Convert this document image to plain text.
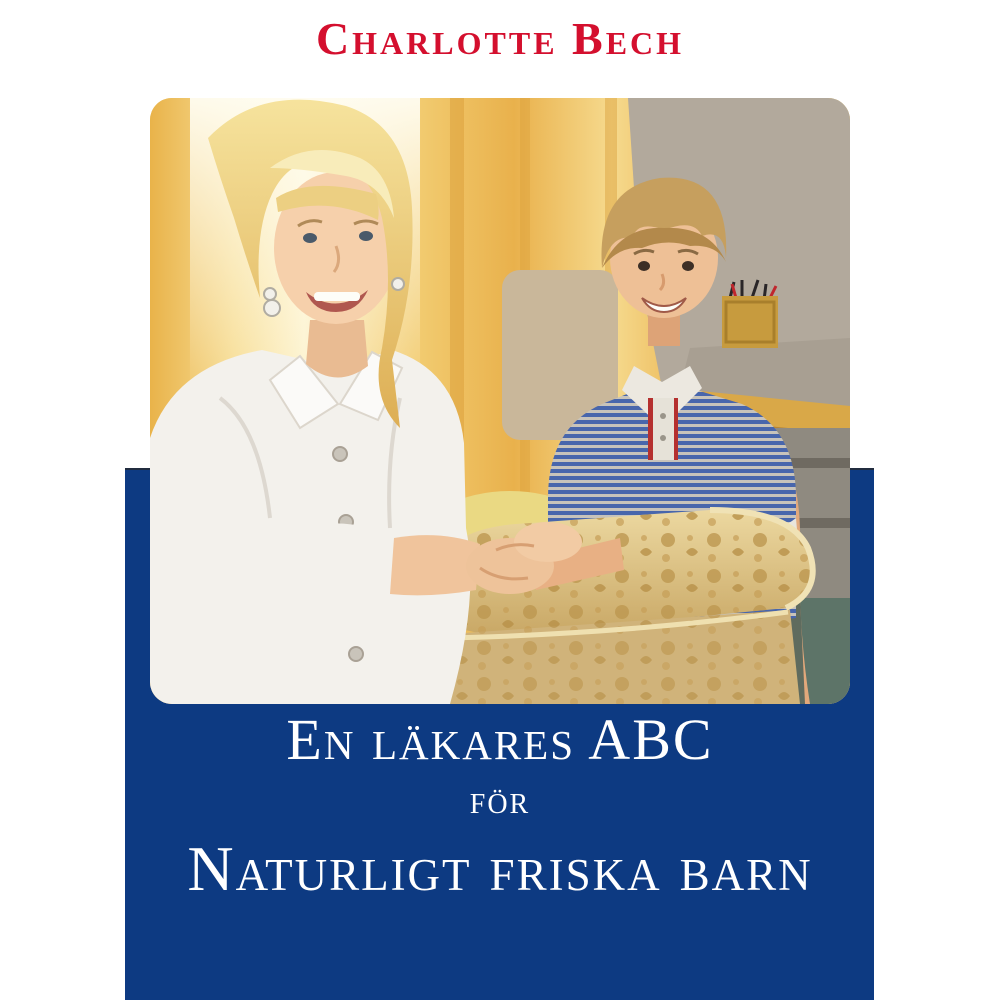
Charlotte Bech
En läkares ABC
för
Naturligt friska barn
